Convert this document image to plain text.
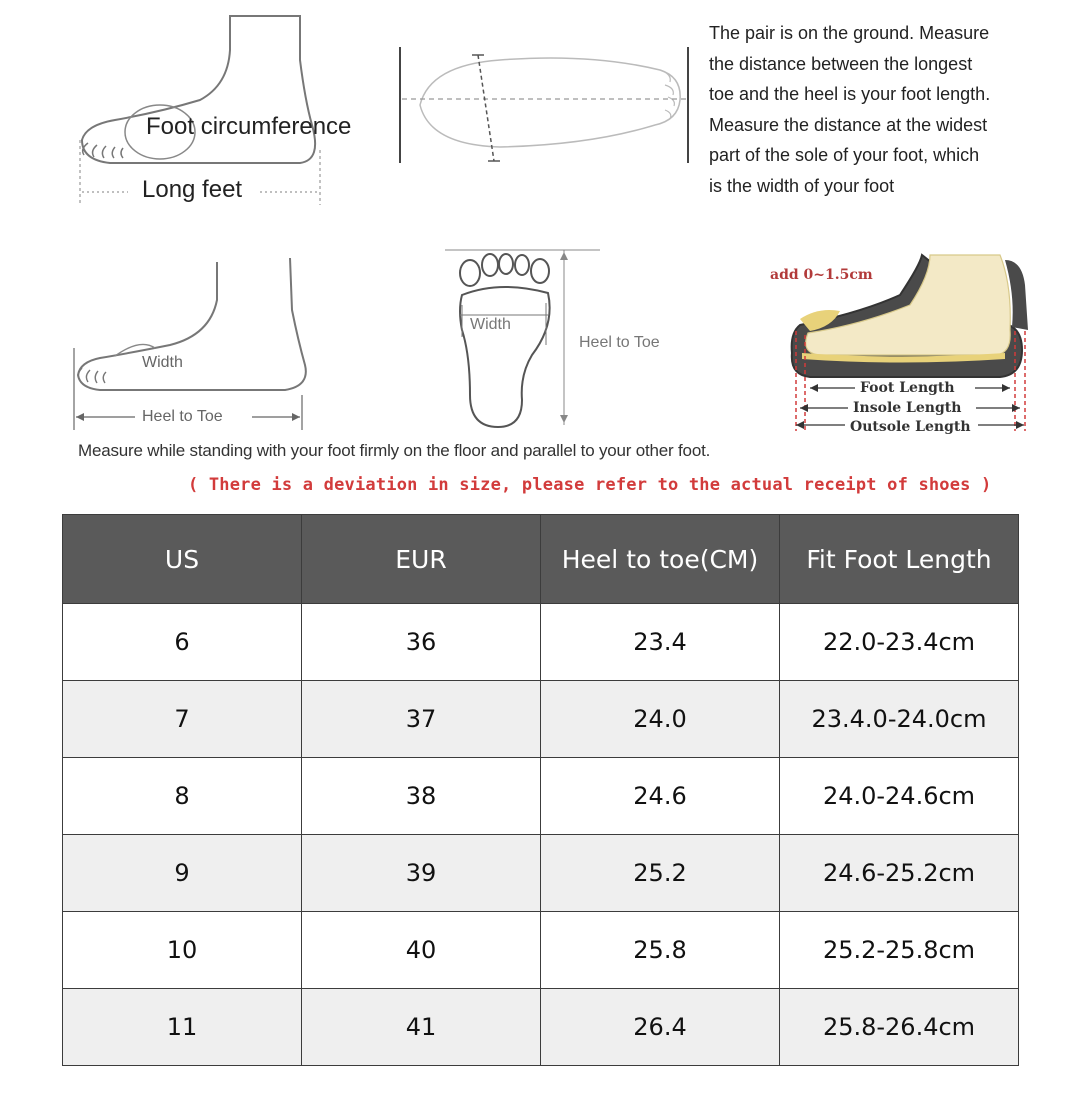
Foot circumference
Long feet
The pair is on the ground. Measure
the distance between the longest
toe and the heel is your foot length.
Measure the distance at the widest
part of the sole of your foot, which
is the width of your foot
Width
Heel to Toe
Width
Heel to Toe
add 0~1.5cm
Foot Length
Insole Length
Outsole Length
Measure while standing with your foot firmly on the floor and parallel to your other foot.
( There is a deviation in size, please refer to the actual receipt of shoes )
US	EUR	Heel to toe(CM)	Fit Foot Length
6	36	23.4	22.0-23.4cm
7	37	24.0	23.4.0-24.0cm
8	38	24.6	24.0-24.6cm
9	39	25.2	24.6-25.2cm
10	40	25.8	25.2-25.8cm
11	41	26.4	25.8-26.4cm
